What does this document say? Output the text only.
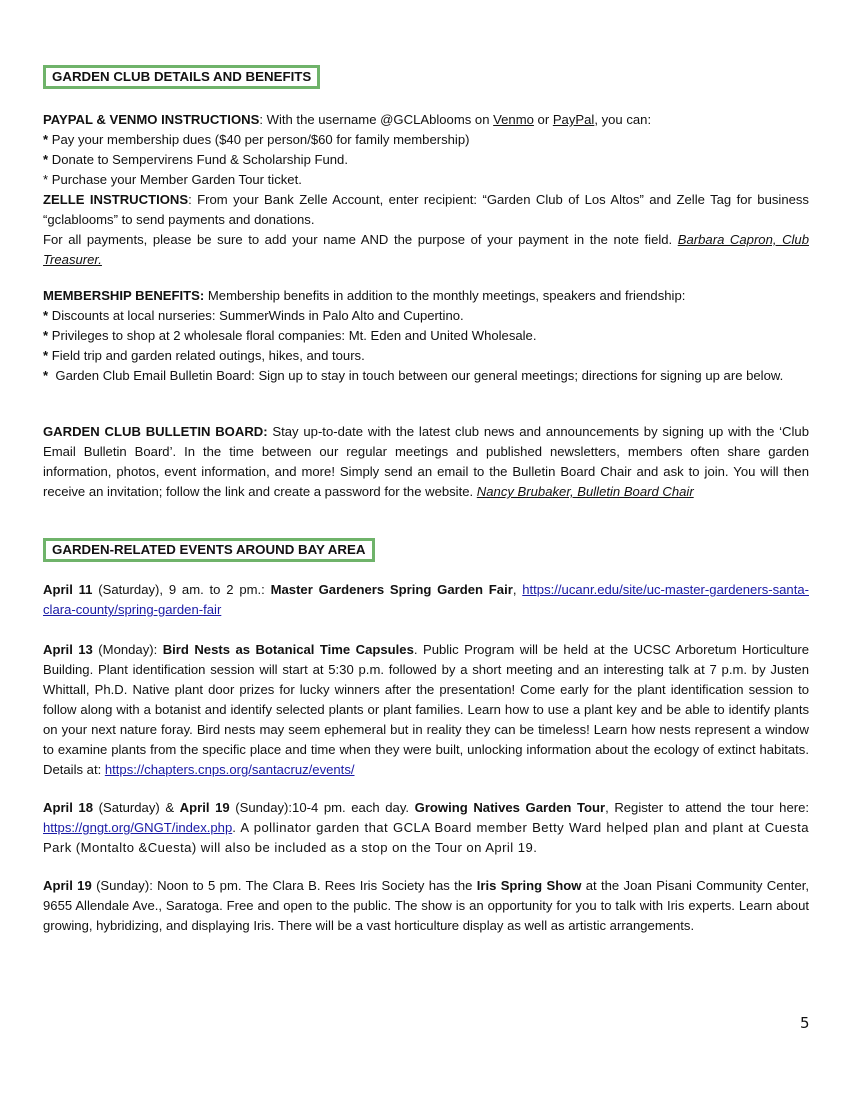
GARDEN CLUB DETAILS AND BENEFITS
PAYPAL & VENMO INSTRUCTIONS: With the username @GCLAblooms on Venmo or PayPal, you can:
* Pay your membership dues ($40 per person/$60 for family membership)
* Donate to Sempervirens Fund & Scholarship Fund.
* Purchase your Member Garden Tour ticket.
ZELLE INSTRUCTIONS: From your Bank Zelle Account, enter recipient: “Garden Club of Los Altos” and Zelle Tag for business “gclablooms” to send payments and donations.
For all payments, please be sure to add your name AND the purpose of your payment in the note field. Barbara Capron, Club Treasurer.
MEMBERSHIP BENEFITS: Membership benefits in addition to the monthly meetings, speakers and friendship:
* Discounts at local nurseries: SummerWinds in Palo Alto and Cupertino.
* Privileges to shop at 2 wholesale floral companies: Mt. Eden and United Wholesale.
* Field trip and garden related outings, hikes, and tours.
* Garden Club Email Bulletin Board: Sign up to stay in touch between our general meetings; directions for signing up are below.
GARDEN CLUB BULLETIN BOARD: Stay up-to-date with the latest club news and announcements by signing up with the ‘Club Email Bulletin Board’. In the time between our regular meetings and published newsletters, members often share garden information, photos, event information, and more! Simply send an email to the Bulletin Board Chair and ask to join. You will then receive an invitation; follow the link and create a password for the website. Nancy Brubaker, Bulletin Board Chair
GARDEN-RELATED EVENTS AROUND BAY AREA
April 11 (Saturday), 9 am. to 2 pm.: Master Gardeners Spring Garden Fair, https://ucanr.edu/site/uc-master-gardeners-santa-clara-county/spring-garden-fair
April 13 (Monday): Bird Nests as Botanical Time Capsules. Public Program will be held at the UCSC Arboretum Horticulture Building. Plant identification session will start at 5:30 p.m. followed by a short meeting and an interesting talk at 7 p.m. by Justen Whittall, Ph.D. Native plant door prizes for lucky winners after the presentation! Come early for the plant identification session to follow along with a botanist and identify selected plants or plant families. Learn how to use a plant key and be able to identify plants on your next nature foray. Bird nests may seem ephemeral but in reality they can be timeless! Learn how nests represent a window to examine plants from the specific place and time when they were built, unlocking information about the ecology of extinct habitats. Details at: https://chapters.cnps.org/santacruz/events/
April 18 (Saturday) & April 19 (Sunday):10-4 pm. each day. Growing Natives Garden Tour, Register to attend the tour here: https://gngt.org/GNGT/index.php. A pollinator garden that GCLA Board member Betty Ward helped plan and plant at Cuesta Park (Montalto &Cuesta) will also be included as a stop on the Tour on April 19.
April 19 (Sunday): Noon to 5 pm. The Clara B. Rees Iris Society has the Iris Spring Show at the Joan Pisani Community Center, 9655 Allendale Ave., Saratoga. Free and open to the public. The show is an opportunity for you to talk with Iris experts. Learn about growing, hybridizing, and displaying Iris. There will be a vast horticulture display as well as artistic arrangements.
5
